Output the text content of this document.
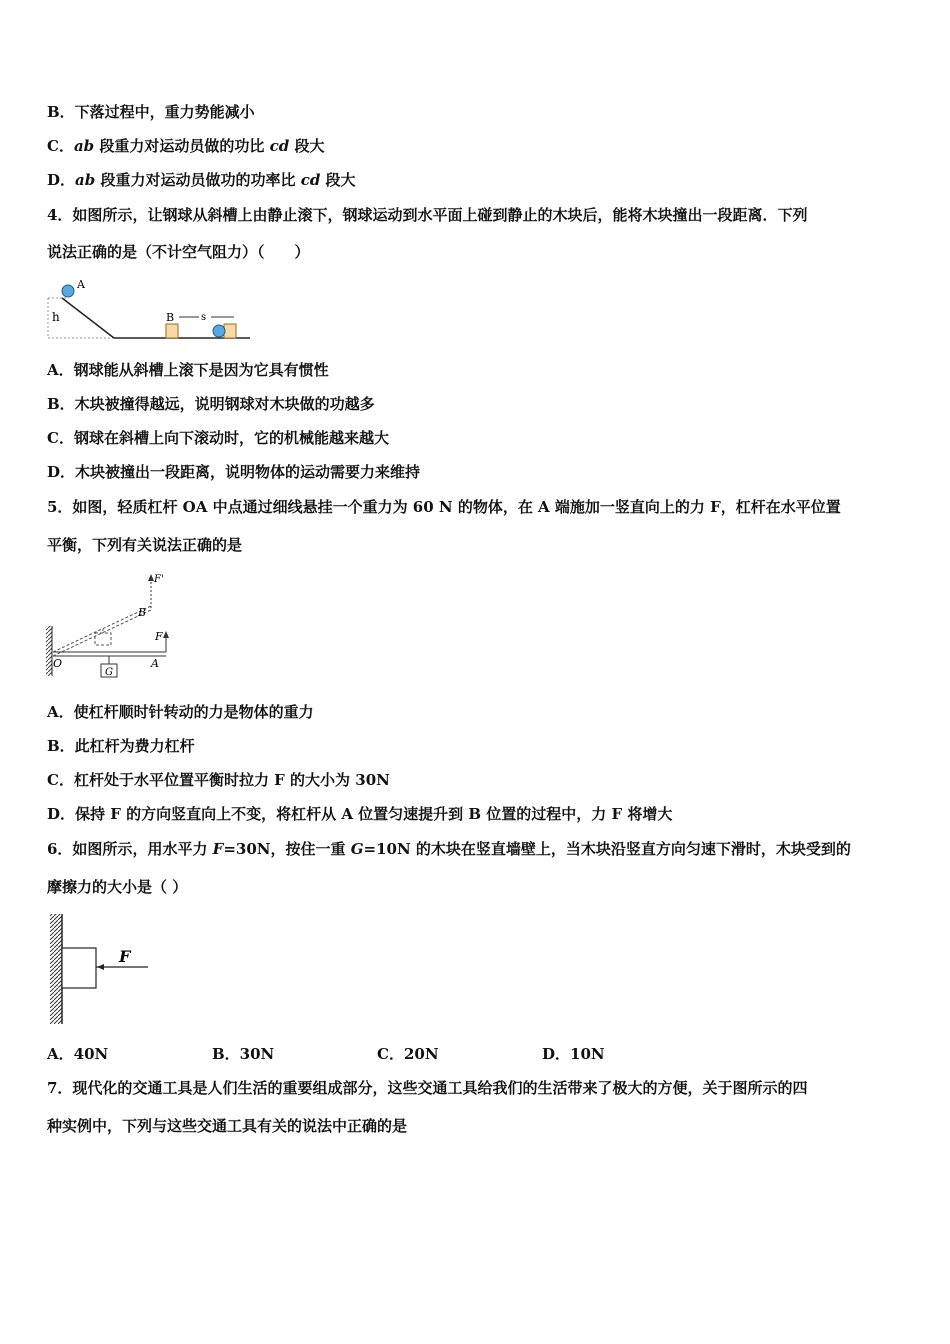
B．下落过程中，重力势能减小
C．ab 段重力对运动员做的功比 cd 段大
D．ab 段重力对运动员做功的功率比 cd 段大
4．如图所示，让钢球从斜槽上由静止滚下，钢球运动到水平面上碰到静止的木块后，能将木块撞出一段距离．下列
说法正确的是（不计空气阻力）（　　）
h
A
B	s
A．钢球能从斜槽上滚下是因为它具有惯性
B．木块被撞得越远，说明钢球对木块做的功越多
C．钢球在斜槽上向下滚动时，它的机械能越来越大
D．木块被撞出一段距离，说明物体的运动需要力来维持
5．如图，轻质杠杆 OA 中点通过细线悬挂一个重力为 60 N 的物体，在 A 端施加一竖直向上的力 F，杠杆在水平位置
平衡，下列有关说法正确的是
F'
B
F
O	A
G
A．使杠杆顺时针转动的力是物体的重力
B．此杠杆为费力杠杆
C．杠杆处于水平位置平衡时拉力 F 的大小为 30N
D．保持 F 的方向竖直向上不变，将杠杆从 A 位置匀速提升到 B 位置的过程中，力 F 将增大
6．如图所示，用水平力 F=30N，按住一重 G=10N 的木块在竖直墙壁上，当木块沿竖直方向匀速下滑时，木块受到的
摩擦力的大小是（ ）
F
A．40N	B．30N	C．20N	D．10N
7．现代化的交通工具是人们生活的重要组成部分，这些交通工具给我们的生活带来了极大的方便，关于图所示的四
种实例中，下列与这些交通工具有关的说法中正确的是
